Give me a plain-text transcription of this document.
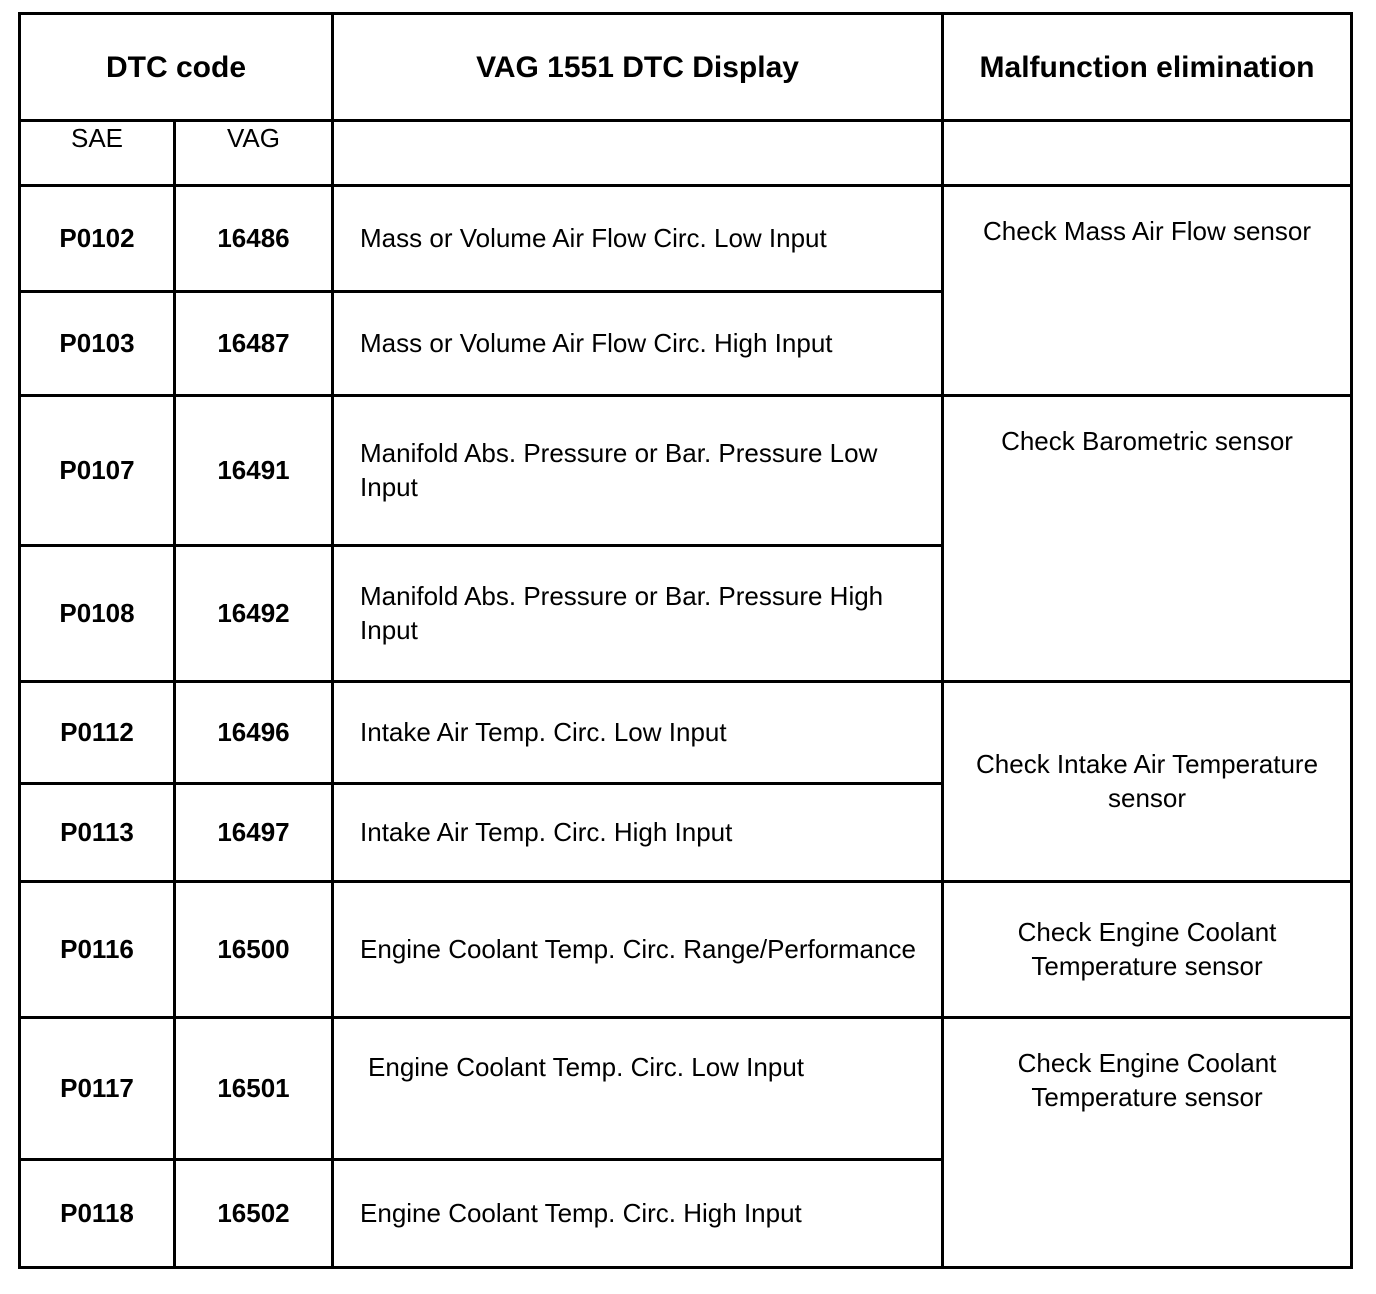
DTC code		VAG 1551 DTC Display	Malfunction elimination
SAE	VAG		
P0102	16486	Mass or Volume Air Flow Circ. Low Input	Check Mass Air Flow sensor
P0103	16487	Mass or Volume Air Flow Circ. High Input	
P0107	16491	Manifold Abs. Pressure or Bar. Pressure Low Input	Check Barometric sensor
P0108	16492	Manifold Abs. Pressure or Bar. Pressure High Input	
P0112	16496	Intake Air Temp. Circ. Low Input	Check Intake Air Temperature sensor
P0113	16497	Intake Air Temp. Circ. High Input	
P0116	16500	Engine Coolant Temp. Circ. Range/Performance	Check Engine Coolant Temperature sensor
P0117	16501	Engine Coolant Temp. Circ. Low Input	Check Engine Coolant Temperature sensor
P0118	16502	Engine Coolant Temp. Circ. High Input	
